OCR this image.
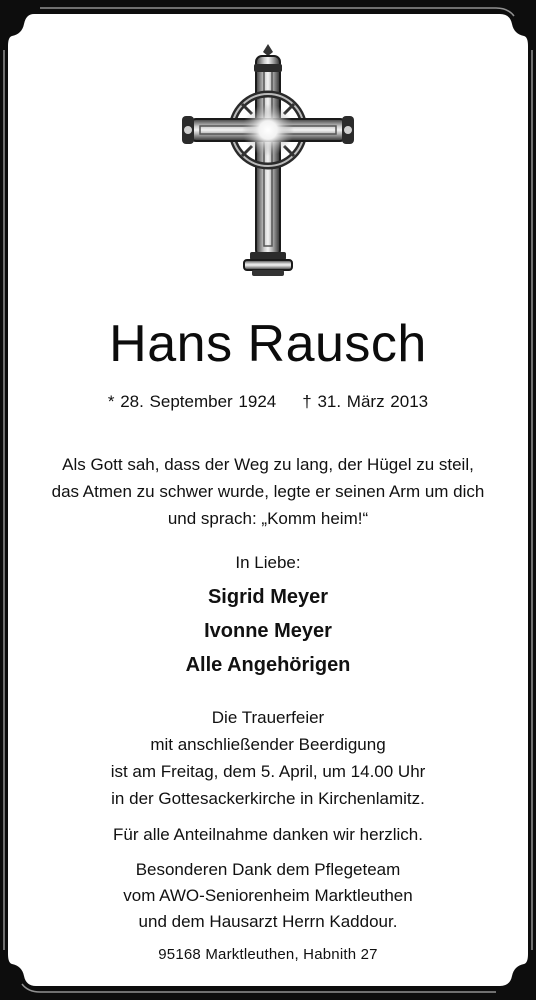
Hans Rausch
* 28. September 1924 † 31. März 2013
Als Gott sah, dass der Weg zu lang, der Hügel zu steil,
das Atmen zu schwer wurde, legte er seinen Arm um dich
und sprach: „Komm heim!“
In Liebe:
Sigrid Meyer
Ivonne Meyer
Alle Angehörigen
Die Trauerfeier
mit anschließender Beerdigung
ist am Freitag, dem 5. April, um 14.00 Uhr
in der Gottesackerkirche in Kirchenlamitz.
Für alle Anteilnahme danken wir herzlich.
Besonderen Dank dem Pflegeteam
vom AWO-Seniorenheim Marktleuthen
und dem Hausarzt Herrn Kaddour.
95168 Marktleuthen, Habnith 27
